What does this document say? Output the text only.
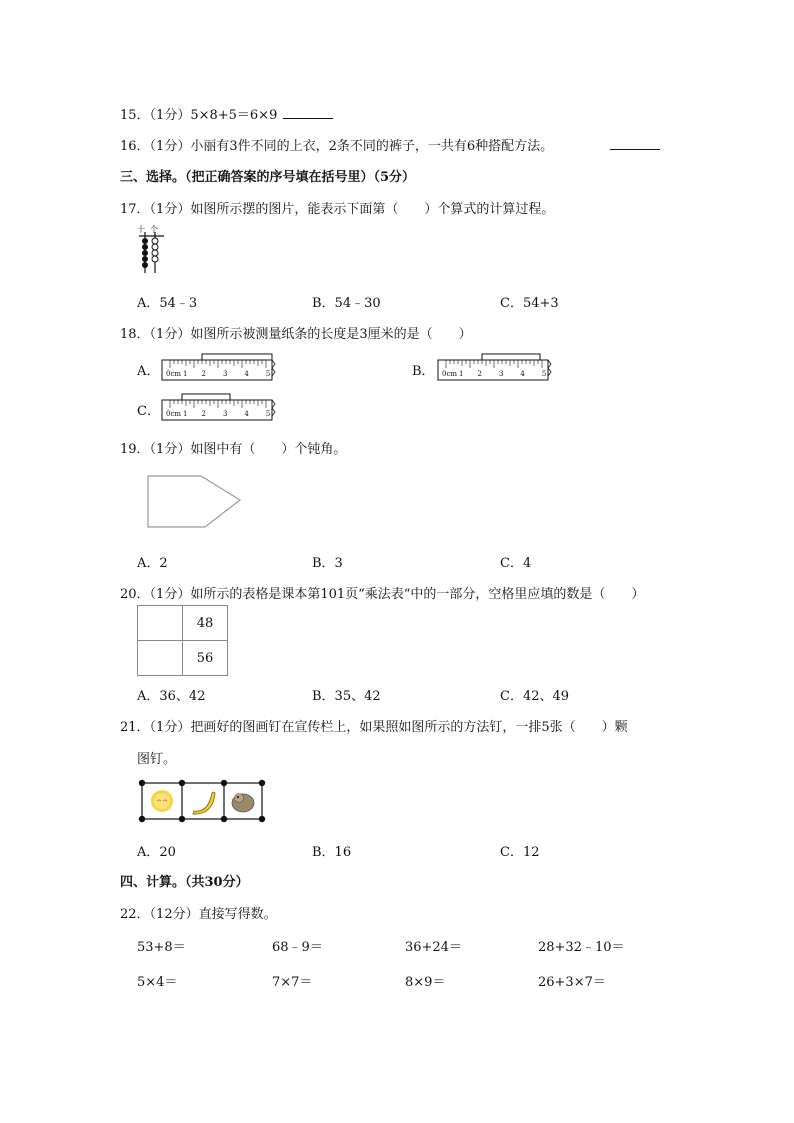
15．（1分）5×8+5＝6×9
16．（1分）小丽有3件不同的上衣，2条不同的裤子，一共有6种搭配方法。
三、选择。（把正确答案的序号填在括号里）（5分）
17．（1分）如图所示摆的图片，能表示下面第（　　）个算式的计算过程。
十 个
A．54﹣3	B．54﹣30	C．54+3
18．（1分）如图所示被测量纸条的长度是3厘米的是（　　）
A． 0cm 1 2 3 4 5	B． 0cm 1 2 3 4 5
C． 0cm 1 2 3 4 5
19．（1分）如图中有（　　）个钝角。
A．2	B．3	C．4
20．（1分）如所示的表格是课本第101页“乘法表“中的一部分，空格里应填的数是（　　）
	48
	56
A．36、42	B．35、42	C．42、49
21．（1分）把画好的图画钉在宣传栏上，如果照如图所示的方法钉，一排5张（　　）颗
图钉。
A．20	B．16	C．12
四、计算。（共30分）
22．（12分）直接写得数。
53+8＝	68﹣9＝	36+24＝	28+32﹣10＝
5×4＝	7×7＝	8×9＝	26+3×7＝
